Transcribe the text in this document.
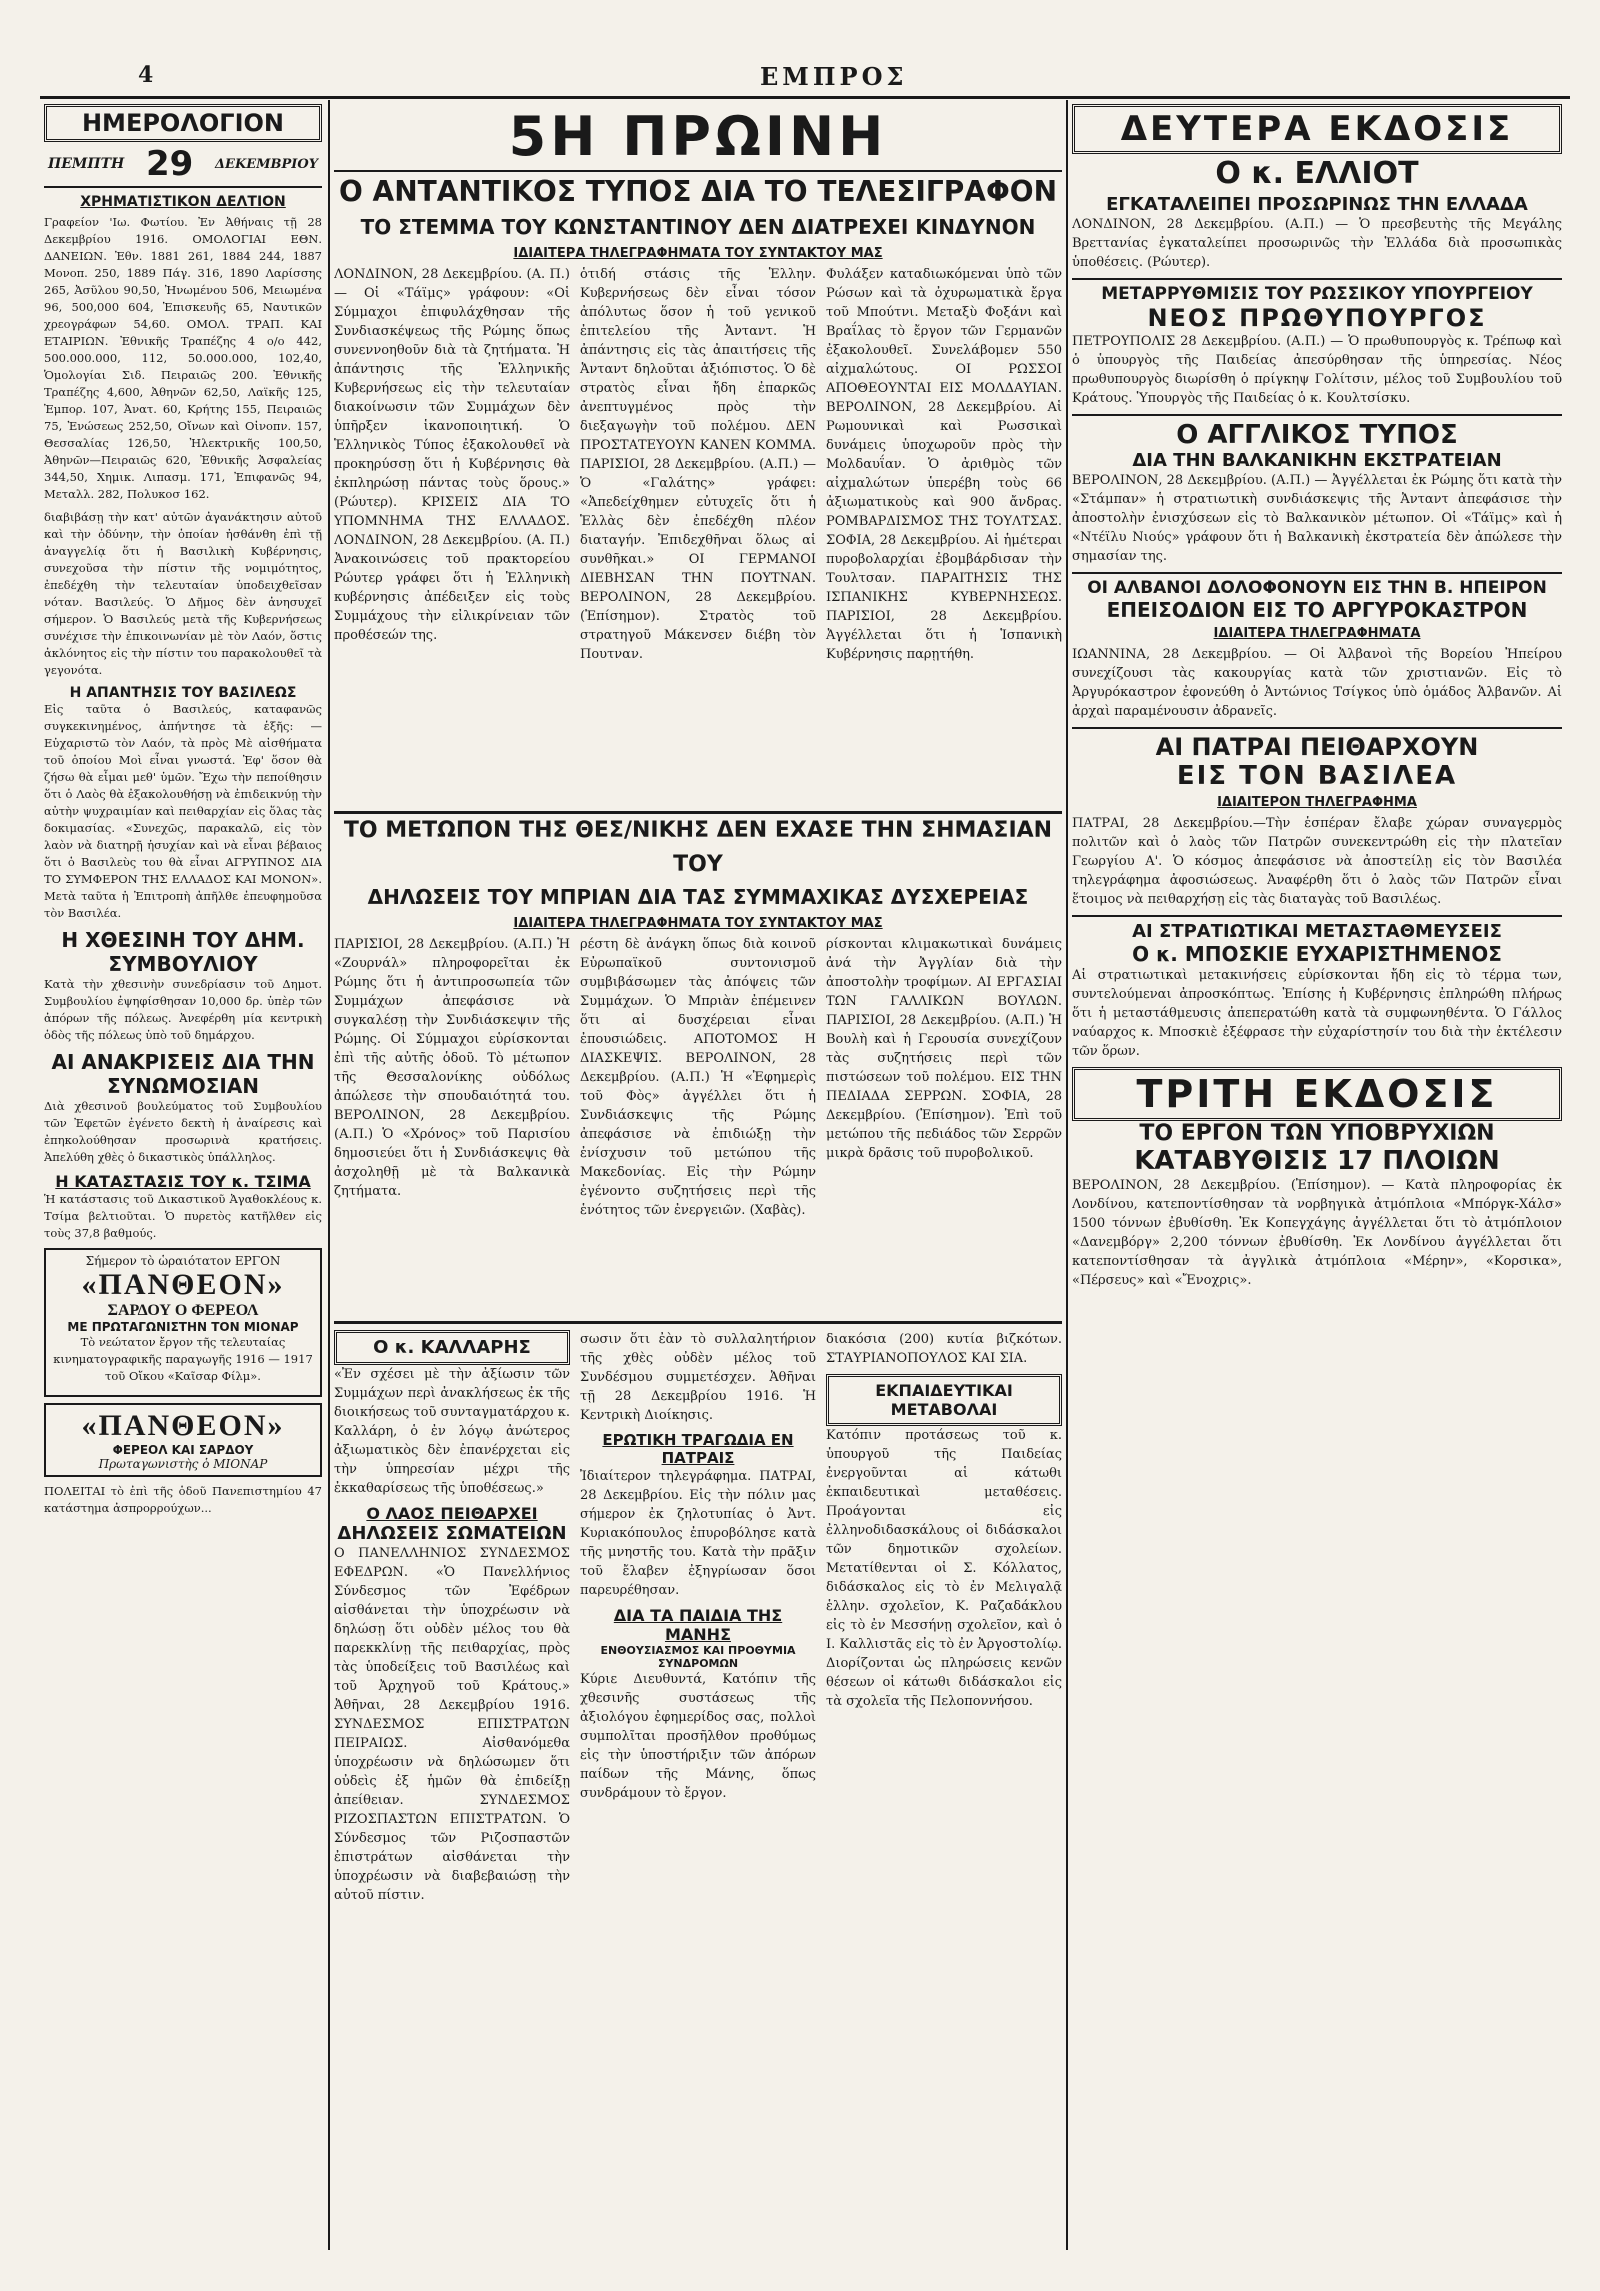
4	ΕΜΠΡΟΣ
ΗΜΕΡΟΛΟΓΙΟΝ
ΠΕΜΠΤΗ 29 ΔΕΚΕΜΒΡΙΟΥ
ΧΡΗΜΑΤΙΣΤΙΚΟΝ ΔΕΛΤΙΟΝ

Γραφείον 'Ιω. Φωτίου. Ἐν Ἀθήναις τῇ 28 Δεκεμβρίου 1916. ΟΜΟΛΟΓΙΑΙ ΕΘΝ. ΔΑΝΕΙΩΝ. Ἐθν. 1881 261, 1884 244, 1887 Μονοπ. 250, 1889 Πάγ. 316, 1890 Λαρίσσης 265, Ἀσῦλου 90,50, Ἠνωμένου 506, Μειωμένα 96, 500,000 604, Ἐπισκευῆς 65, Ναυτικῶν χρεογράφων 54,60. ΟΜΟΛ. ΤΡΑΠ. ΚΑΙ ΕΤΑΙΡΙΩΝ. Ἐθνικῆς Τραπέζης 4 ο/ο 442, 500.000.000, 112, 50.000.000, 102,40, Ὁμολογίαι Σιδ. Πειραιῶς 200. Ἐθνικῆς Τραπέζης 4,600, Ἀθηνῶν 62,50, Λαϊκῆς 125, Ἐμπορ. 107, Ἀνατ. 60, Κρήτης 155, Πειραιῶς 75, Ἑνώσεως 252,50, Οἴνων καὶ Οἰνοπν. 157, Θεσσαλίας 126,50, Ἠλεκτρικῆς 100,50, Ἀθηνῶν—Πειραιῶς 620, Ἐθνικῆς Ἀσφαλείας 344,50, Χημικ. Λιπασμ. 171, Ἐπιφανῶς 94, Μεταλλ. 282, Πολυκοσ 162.

διαβιβάσῃ τὴν κατ' αὐτῶν ἀγανάκτησιν αὐτοῦ καὶ τὴν ὀδύνην, τὴν ὁποίαν ἠσθάνθη ἐπὶ τῇ ἀναγγελίᾳ ὅτι ἡ Βασιλικὴ Κυβέρνησις, συνεχοῦσα τὴν πίστιν τῆς νομιμότητος, ἐπεδέχθη τὴν τελευταίαν ὑποδειχθεῖσαν νόταν. Βασιλεύς. Ὁ Δῆμος δὲν ἀνησυχεῖ σήμερον. Ὁ Βασιλεύς μετὰ τῆς Κυβερνήσεως συνέχισε τὴν ἐπικοινωνίαν μὲ τὸν Λαόν, ὅστις ἀκλόνητος εἰς τὴν πίστιν του παρακολουθεῖ τὰ γεγονότα.

Η ΑΠΑΝΤΗΣΙΣ ΤΟΥ ΒΑΣΙΛΕΩΣ

Εἰς ταῦτα ὁ Βασιλεύς, καταφανῶς συγκεκινημένος, ἀπήντησε τὰ ἑξῆς: —Εὐχαριστῶ τὸν Λαόν, τὰ πρὸς Μὲ αἰσθήματα τοῦ ὁποίου Μοὶ εἶναι γνωστά. Ἐφ' ὅσον θὰ ζήσω θὰ εἶμαι μεθ' ὑμῶν. Ἔχω τὴν πεποίθησιν ὅτι ὁ Λαὸς θὰ ἐξακολουθήσῃ νὰ ἐπιδεικνύῃ τὴν αὐτὴν ψυχραιμίαν καὶ πειθαρχίαν εἰς ὅλας τὰς δοκιμασίας. «Συνεχῶς, παρακαλῶ, εἰς τὸν λαὸν νὰ διατηρῇ ἡσυχίαν καὶ νὰ εἶναι βέβαιος ὅτι ὁ Βασιλεὺς του θὰ εἶναι ΑΓΡΥΠΝΟΣ ΔΙΑ ΤΟ ΣΥΜΦΕΡΟΝ ΤΗΣ ΕΛΛΑΔΟΣ ΚΑΙ ΜΟΝΟΝ». Μετὰ ταῦτα ἡ Ἐπιτροπὴ ἀπῆλθε ἐπευφημοῦσα τὸν Βασιλέα.

Η ΧΘΕΣΙΝΗ ΤΟΥ ΔΗΜ. ΣΥΜΒΟΥΛΙΟΥ

Κατὰ τὴν χθεσινὴν συνεδρίασιν τοῦ Δημοτ. Συμβουλίου ἐψηφίσθησαν 10,000 δρ. ὑπὲρ τῶν ἀπόρων τῆς πόλεως. Ἀνεφέρθη μία κεντρικὴ ὁδὸς τῆς πόλεως ὑπὸ τοῦ δημάρχου.

ΑΙ ΑΝΑΚΡΙΣΕΙΣ ΔΙΑ ΤΗΝ ΣΥΝΩΜΟΣΙΑΝ

Διὰ χθεσινοῦ βουλεύματος τοῦ Συμβουλίου τῶν Ἐφετῶν ἐγένετο δεκτὴ ἡ ἀναίρεσις καὶ ἐπηκολούθησαν προσωρινὰ κρατήσεις. Ἀπελύθη χθὲς ὁ δικαστικὸς ὑπάλληλος.

Η ΚΑΤΑΣΤΑΣΙΣ ΤΟΥ κ. ΤΣΙΜΑ

Ἡ κατάστασις τοῦ Δικαστικοῦ Ἀγαθοκλέους κ. Τσίμα βελτιοῦται. Ὁ πυρετὸς κατῆλθεν εἰς τοὺς 37,8 βαθμούς.

Σήμερον τὸ ὡραιότατον ΕΡΓΟΝ
«ΠΑΝΘΕΟΝ»
ΣΑΡΔΟΥ Ο ΦΕΡΕΟΛ
ΜΕ ΠΡΩΤΑΓΩΝΙΣΤΗΝ ΤΟΝ ΜΙΟΝΑΡ

Τὸ νεώτατον ἔργον τῆς τελευταίας κινηματογραφικῆς παραγωγῆς 1916 — 1917 τοῦ Οἴκου «Καῖσαρ Φίλμ».

«ΠΑΝΘΕΟΝ»
ΦΕΡΕΟΛ ΚΑΙ ΣΑΡΔΟΥ
Πρωταγωνιστὴς ὁ ΜΙΟΝΑΡ

ΠΟΛΕΙΤΑΙ τὸ ἐπὶ τῆς ὁδοῦ Πανεπιστημίου 47 κατάστημα ἀσπρορρούχων...

5Η ΠΡΩΙΝΗ
Ο ΑΝΤΑΝΤΙΚΟΣ ΤΥΠΟΣ ΔΙΑ ΤΟ ΤΕΛΕΣΙΓΡΑΦΟΝ
ΤΟ ΣΤΕΜΜΑ ΤΟΥ ΚΩΝΣΤΑΝΤΙΝΟΥ ΔΕΝ ΔΙΑΤΡΕΧΕΙ ΚΙΝΔΥΝΟΝ
ΙΔΙΑΙΤΕΡΑ ΤΗΛΕΓΡΑΦΗΜΑΤΑ ΤΟΥ ΣΥΝΤΑΚΤΟΥ ΜΑΣ

ΛΟΝΔΙΝΟΝ, 28 Δεκεμβρίου. (Α. Π.) — Οἱ «Τάϊμς» γράφουν: «Οἱ Σύμμαχοι ἐπιφυλάχθησαν τῆς Συνδιασκέψεως τῆς Ρώμης ὅπως συνεννοηθοῦν διὰ τὰ ζητήματα. Ἡ ἀπάντησις τῆς Ἑλληνικῆς Κυβερνήσεως εἰς τὴν τελευταίαν διακοίνωσιν τῶν Συμμάχων δὲν ὑπῆρξεν ἱκανοποιητική. Ὁ Ἑλληνικὸς Τύπος ἐξακολουθεῖ νὰ προκηρύσσῃ ὅτι ἡ Κυβέρνησις θὰ ἐκπληρώσῃ πάντας τοὺς ὅρους.» (Ρώυτερ). ΚΡΙΣΕΙΣ ΔΙΑ ΤΟ ΥΠΟΜΝΗΜΑ ΤΗΣ ΕΛΛΑΔΟΣ. ΛΟΝΔΙΝΟΝ, 28 Δεκεμβρίου. (Α. Π.) Ἀνακοινώσεις τοῦ πρακτορείου Ρώυτερ γράφει ὅτι ἡ Ἑλληνικὴ κυβέρνησις ἀπέδειξεν εἰς τοὺς Συμμάχους τὴν εἰλικρίνειαν τῶν προθέσεών της.

ὁτιδή στάσις τῆς Ἑλλην. Κυβερνήσεως δὲν εἶναι τόσον ἀπόλυτως ὅσον ἡ τοῦ γενικοῦ ἐπιτελείου τῆς Ἀνταντ. Ἡ ἀπάντησις εἰς τὰς ἀπαιτήσεις τῆς Ἀνταντ δηλοῦται ἀξιόπιστος. Ὁ δὲ στρατὸς εἶναι ἤδη ἐπαρκῶς ἀνεπτυγμένος πρὸς τὴν διεξαγωγὴν τοῦ πολέμου. ΔΕΝ ΠΡΟΣΤΑΤΕΥΟΥΝ ΚΑΝΕΝ ΚΟΜΜΑ. ΠΑΡΙΣΙΟΙ, 28 Δεκεμβρίου. (Α.Π.) — Ὁ «Γαλάτης» γράφει: «Ἀπεδείχθημεν εὐτυχεῖς ὅτι ἡ Ἑλλὰς δὲν ἐπεδέχθη πλέον διαταγήν. Ἐπιδεχθῆναι ὅλως αἱ συνθῆκαι.» ΟΙ ΓΕΡΜΑΝΟΙ ΔΙΕΒΗΣΑΝ ΤΗΝ ΠΟΥΤΝΑΝ. ΒΕΡΟΛΙΝΟΝ, 28 Δεκεμβρίου. (Ἐπίσημον). Στρατὸς τοῦ στρατηγοῦ Μάκενσεν διέβη τὸν Πουτναν.

Φυλάξεν καταδιωκόμεναι ὑπὸ τῶν Ρώσων καὶ τὰ ὀχυρωματικὰ ἔργα τοῦ Μπούτνι. Μεταξὺ Φοξάνι καὶ Βραΐλας τὸ ἔργον τῶν Γερμανῶν ἐξακολουθεῖ. Συνελάβομεν 550 αἰχμαλώτους. ΟΙ ΡΩΣΣΟΙ ΑΠΟΘΕΟΥΝΤΑΙ ΕΙΣ ΜΟΛΔΑΥΙΑΝ. ΒΕΡΟΛΙΝΟΝ, 28 Δεκεμβρίου. Αἱ Ρωμουνικαὶ καὶ Ρωσσικαὶ δυνάμεις ὑποχωροῦν πρὸς τὴν Μολδαυΐαν. Ὁ ἀριθμὸς τῶν αἰχμαλώτων ὑπερέβη τοὺς 66 ἀξιωματικοὺς καὶ 900 ἄνδρας. ΡΟΜΒΑΡΔΙΣΜΟΣ ΤΗΣ ΤΟΥΛΤΣΑΣ. ΣΟΦΙΑ, 28 Δεκεμβρίου. Αἱ ἡμέτεραι πυροβολαρχίαι ἐβομβάρδισαν τὴν Τουλτσαν. ΠΑΡΑΙΤΗΣΙΣ ΤΗΣ ΙΣΠΑΝΙΚΗΣ ΚΥΒΕΡΝΗΣΕΩΣ. ΠΑΡΙΣΙΟΙ, 28 Δεκεμβρίου. Ἀγγέλλεται ὅτι ἡ Ἱσπανικὴ Κυβέρνησις παρῃτήθη.

ΤΟ ΜΕΤΩΠΟΝ ΤΗΣ ΘΕΣ/ΝΙΚΗΣ ΔΕΝ ΕΧΑΣΕ ΤΗΝ ΣΗΜΑΣΙΑΝ ΤΟΥ
ΔΗΛΩΣΕΙΣ ΤΟΥ ΜΠΡΙΑΝ ΔΙΑ ΤΑΣ ΣΥΜΜΑΧΙΚΑΣ ΔΥΣΧΕΡΕΙΑΣ
ΙΔΙΑΙΤΕΡΑ ΤΗΛΕΓΡΑΦΗΜΑΤΑ ΤΟΥ ΣΥΝΤΑΚΤΟΥ ΜΑΣ

ΠΑΡΙΣΙΟΙ, 28 Δεκεμβρίου. (Α.Π.) Ἡ «Ζουρνάλ» πληροφορεῖται ἐκ Ρώμης ὅτι ἡ ἀντιπροσωπεία τῶν Συμμάχων ἀπεφάσισε νὰ συγκαλέσῃ τὴν Συνδιάσκεψιν τῆς Ρώμης. Οἱ Σύμμαχοι εὑρίσκονται ἐπὶ τῆς αὐτῆς ὁδοῦ. Τὸ μέτωπον τῆς Θεσσαλονίκης οὐδόλως ἀπώλεσε τὴν σπουδαιότητά του. ΒΕΡΟΛΙΝΟΝ, 28 Δεκεμβρίου. (Α.Π.) Ὁ «Χρόνος» τοῦ Παρισίου δημοσιεύει ὅτι ἡ Συνδιάσκεψις θὰ ἀσχοληθῇ μὲ τὰ Βαλκανικὰ ζητήματα.

ρέστη δὲ ἀνάγκη ὅπως διὰ κοινοῦ Εὐρωπαϊκοῦ συντονισμοῦ συμβιβάσωμεν τὰς ἀπόψεις τῶν Συμμάχων. Ὁ Μπριὰν ἐπέμεινεν ὅτι αἱ δυσχέρειαι εἶναι ἐπουσιώδεις. ΑΠΟΤΟΜΟΣ Η ΔΙΑΣΚΕΨΙΣ. ΒΕΡΟΛΙΝΟΝ, 28 Δεκεμβρίου. (Α.Π.) Ἡ «Ἐφημερὶς τοῦ Φὸς» ἀγγέλλει ὅτι ἡ Συνδιάσκεψις τῆς Ρώμης ἀπεφάσισε νὰ ἐπιδιώξῃ τὴν ἐνίσχυσιν τοῦ μετώπου τῆς Μακεδονίας. Εἰς τὴν Ρώμην ἐγένοντο συζητήσεις περὶ τῆς ἑνότητος τῶν ἐνεργειῶν. (Χαβὰς).

ρίσκονται κλιμακωτικαὶ δυνάμεις ἀνά τὴν Ἀγγλίαν διὰ τὴν ἀποστολὴν τροφίμων. ΑΙ ΕΡΓΑΣΙΑΙ ΤΩΝ ΓΑΛΛΙΚΩΝ ΒΟΥΛΩΝ. ΠΑΡΙΣΙΟΙ, 28 Δεκεμβρίου. (Α.Π.) Ἡ Βουλὴ καὶ ἡ Γερουσία συνεχίζουν τὰς συζητήσεις περὶ τῶν πιστώσεων τοῦ πολέμου. ΕΙΣ ΤΗΝ ΠΕΔΙΑΔΑ ΣΕΡΡΩΝ. ΣΟΦΙΑ, 28 Δεκεμβρίου. (Ἐπίσημον). Ἐπὶ τοῦ μετώπου τῆς πεδιάδος τῶν Σερρῶν μικρὰ δρᾶσις τοῦ πυροβολικοῦ.

Ο κ. ΚΑΛΛΑΡΗΣ

«Ἐν σχέσει μὲ τὴν ἀξίωσιν τῶν Συμμάχων περὶ ἀνακλήσεως ἐκ τῆς διοικήσεως τοῦ συνταγματάρχου κ. Καλλάρη, ὁ ἐν λόγῳ ἀνώτερος ἀξιωματικὸς δὲν ἐπανέρχεται εἰς τὴν ὑπηρεσίαν μέχρι τῆς ἐκκαθαρίσεως τῆς ὑποθέσεως.»

Ο ΛΑΟΣ ΠΕΙΘΑΡΧΕΙ
ΔΗΛΩΣΕΙΣ ΣΩΜΑΤΕΙΩΝ

Ο ΠΑΝΕΛΛΗΝΙΟΣ ΣΥΝΔΕΣΜΟΣ ΕΦΕΔΡΩΝ. «Ὁ Πανελλήνιος Σύνδεσμος τῶν Ἐφέδρων αἰσθάνεται τὴν ὑποχρέωσιν νὰ δηλώσῃ ὅτι οὐδὲν μέλος του θὰ παρεκκλίνῃ τῆς πειθαρχίας, πρὸς τὰς ὑποδείξεις τοῦ Βασιλέως καὶ τοῦ Ἀρχηγοῦ τοῦ Κράτους.» Ἀθῆναι, 28 Δεκεμβρίου 1916. ΣΥΝΔΕΣΜΟΣ ΕΠΙΣΤΡΑΤΩΝ ΠΕΙΡΑΙΩΣ. Αἰσθανόμεθα ὑποχρέωσιν νὰ δηλώσωμεν ὅτι οὐδεὶς ἐξ ἡμῶν θὰ ἐπιδείξῃ ἀπείθειαν. ΣΥΝΔΕΣΜΟΣ ΡΙΖΟΣΠΑΣΤΩΝ ΕΠΙΣΤΡΑΤΩΝ. Ὁ Σύνδεσμος τῶν Ριζοσπαστῶν ἐπιστράτων αἰσθάνεται τὴν ὑποχρέωσιν νὰ διαβεβαιώσῃ τὴν αὐτοῦ πίστιν.

σωσιν ὅτι ἐὰν τὸ συλλαλητήριον τῆς χθὲς οὐδὲν μέλος τοῦ Συνδέσμου συμμετέσχεν. Ἀθῆναι τῇ 28 Δεκεμβρίου 1916. Ἡ Κεντρικὴ Διοίκησις.

ΕΡΩΤΙΚΗ ΤΡΑΓΩΔΙΑ ΕΝ ΠΑΤΡΑΙΣ

Ἰδιαίτερον τηλεγράφημα. ΠΑΤΡΑΙ, 28 Δεκεμβρίου. Εἰς τὴν πόλιν μας σήμερον ἐκ ζηλοτυπίας ὁ Ἀντ. Κυριακόπουλος ἐπυροβόλησε κατὰ τῆς μνηστῆς του. Κατὰ τὴν πρᾶξιν τοῦ ἔλαβεν ἐξηγρίωσαν ὅσοι παρευρέθησαν.

ΔΙΑ ΤΑ ΠΑΙΔΙΑ ΤΗΣ ΜΑΝΗΣ
ΕΝΘΟΥΣΙΑΣΜΟΣ ΚΑΙ ΠΡΟΘΥΜΙΑ ΣΥΝΔΡΟΜΩΝ

Κύριε Διευθυντά, Κατόπιν τῆς χθεσινῆς συστάσεως τῆς ἀξιολόγου ἐφημερίδος σας, πολλοὶ συμπολῖται προσῆλθον προθύμως εἰς τὴν ὑποστήριξιν τῶν ἀπόρων παίδων τῆς Μάνης, ὅπως συνδράμουν τὸ ἔργον.

διακόσια (200) κυτία βιζκότων. ΣΤΑΥΡΙΑΝΟΠΟΥΛΟΣ ΚΑΙ ΣΙΑ.

ΕΚΠΑΙΔΕΥΤΙΚΑΙ ΜΕΤΑΒΟΛΑΙ

Κατόπιν προτάσεως τοῦ κ. ὑπουργοῦ τῆς Παιδείας ἐνεργοῦνται αἱ κάτωθι ἐκπαιδευτικαὶ μεταθέσεις. Προάγονται εἰς ἐλληνοδιδασκάλους οἱ διδάσκαλοι τῶν δημοτικῶν σχολείων. Μετατίθενται οἱ Σ. Κόλλατος, διδάσκαλος εἰς τὸ ἐν Μελιγαλᾷ ἑλλην. σχολεῖον, Κ. Ραζαδάκλου εἰς τὸ ἐν Μεσσήνῃ σχολεῖον, καὶ ὁ Ι. Καλλιστᾶς εἰς τὸ ἐν Ἀργοστολίῳ. Διορίζονται ὡς πληρώσεις κενῶν θέσεων οἱ κάτωθι διδάσκαλοι εἰς τὰ σχολεῖα τῆς Πελοποννήσου.

ΔΕΥΤΕΡΑ ΕΚΔΟΣΙΣ
Ο κ. ΕΛΛΙΟΤ
ΕΓΚΑΤΑΛΕΙΠΕΙ ΠΡΟΣΩΡΙΝΩΣ ΤΗΝ ΕΛΛΑΔΑ

ΛΟΝΔΙΝΟΝ, 28 Δεκεμβρίου. (Α.Π.) — Ὁ πρεσβευτὴς τῆς Μεγάλης Βρεττανίας ἐγκαταλείπει προσωρινῶς τὴν Ἑλλάδα διὰ προσωπικὰς ὑποθέσεις. (Ρώυτερ).

ΜΕΤΑΡΡΥΘΜΙΣΙΣ ΤΟΥ ΡΩΣΣΙΚΟΥ ΥΠΟΥΡΓΕΙΟΥ
ΝΕΟΣ ΠΡΩΘΥΠΟΥΡΓΟΣ

ΠΕΤΡΟΥΠΟΛΙΣ 28 Δεκεμβρίου. (Α.Π.) — Ὁ πρωθυπουργὸς κ. Τρέπωφ καὶ ὁ ὑπουργὸς τῆς Παιδείας ἀπεσύρθησαν τῆς ὑπηρεσίας. Νέος πρωθυπουργὸς διωρίσθη ὁ πρίγκηψ Γολίτσιν, μέλος τοῦ Συμβουλίου τοῦ Κράτους. Ὑπουργὸς τῆς Παιδείας ὁ κ. Κουλτσίσκυ.

Ο ΑΓΓΛΙΚΟΣ ΤΥΠΟΣ
ΔΙΑ ΤΗΝ ΒΑΛΚΑΝΙΚΗΝ ΕΚΣΤΡΑΤΕΙΑΝ

ΒΕΡΟΛΙΝΟΝ, 28 Δεκεμβρίου. (Α.Π.) — Ἀγγέλλεται ἐκ Ρώμης ὅτι κατὰ τὴν «Στάμπαν» ἡ στρατιωτικὴ συνδιάσκεψις τῆς Ἀνταντ ἀπεφάσισε τὴν ἀποστολὴν ἐνισχύσεων εἰς τὸ Βαλκανικὸν μέτωπον. Οἱ «Τάϊμς» καὶ ἡ «Ντέϊλυ Νιούς» γράφουν ὅτι ἡ Βαλκανικὴ ἐκστρατεία δὲν ἀπώλεσε τὴν σημασίαν της.

ΟΙ ΑΛΒΑΝΟΙ ΔΟΛΟΦΟΝΟΥΝ ΕΙΣ ΤΗΝ Β. ΗΠΕΙΡΟΝ
ΕΠΕΙΣΟΔΙΟΝ ΕΙΣ ΤΟ ΑΡΓΥΡΟΚΑΣΤΡΟΝ
ΙΔΙΑΙΤΕΡΑ ΤΗΛΕΓΡΑΦΗΜΑΤΑ

ΙΩΑΝΝΙΝΑ, 28 Δεκεμβρίου. — Οἱ Ἀλβανοὶ τῆς Βορείου Ἠπείρου συνεχίζουσι τὰς κακουργίας κατὰ τῶν χριστιανῶν. Εἰς τὸ Ἀργυρόκαστρον ἐφονεύθη ὁ Ἀντώνιος Τσίγκος ὑπὸ ὁμάδος Ἀλβανῶν. Αἱ ἀρχαὶ παραμένουσιν ἀδρανεῖς.

ΑΙ ΠΑΤΡΑΙ ΠΕΙΘΑΡΧΟΥΝ
ΕΙΣ ΤΟΝ ΒΑΣΙΛΕΑ
ΙΔΙΑΙΤΕΡΟΝ ΤΗΛΕΓΡΑΦΗΜΑ

ΠΑΤΡΑΙ, 28 Δεκεμβρίου.—Τὴν ἑσπέραν ἔλαβε χώραν συναγερμὸς πολιτῶν καὶ ὁ λαὸς τῶν Πατρῶν συνεκεντρώθη εἰς τὴν πλατεῖαν Γεωργίου Α'. Ὁ κόσμος ἀπεφάσισε νὰ ἀποστείλῃ εἰς τὸν Βασιλέα τηλεγράφημα ἀφοσιώσεως. Ἀναφέρθη ὅτι ὁ λαὸς τῶν Πατρῶν εἶναι ἕτοιμος νὰ πειθαρχήσῃ εἰς τὰς διαταγὰς τοῦ Βασιλέως.

ΑΙ ΣΤΡΑΤΙΩΤΙΚΑΙ ΜΕΤΑΣΤΑΘΜΕΥΣΕΙΣ
Ο κ. ΜΠΟΣΚΙΕ ΕΥΧΑΡΙΣΤΗΜΕΝΟΣ

Αἱ στρατιωτικαὶ μετακινήσεις εὑρίσκονται ἤδη εἰς τὸ τέρμα των, συντελούμεναι ἀπροσκόπτως. Ἐπίσης ἡ Κυβέρνησις ἐπληρώθη πλήρως ὅτι ἡ μεταστάθμευσις ἀπεπερατώθη κατὰ τὰ συμφωνηθέντα. Ὁ Γάλλος ναύαρχος κ. Μποσκιὲ ἐξέφρασε τὴν εὐχαρίστησίν του διὰ τὴν ἐκτέλεσιν τῶν ὅρων.

ΤΡΙΤΗ ΕΚΔΟΣΙΣ
ΤΟ ΕΡΓΟΝ ΤΩΝ ΥΠΟΒΡΥΧΙΩΝ
ΚΑΤΑΒΥΘΙΣΙΣ 17 ΠΛΟΙΩΝ

ΒΕΡΟΛΙΝΟΝ, 28 Δεκεμβρίου. (Ἐπίσημον). — Κατὰ πληροφορίας ἐκ Λονδίνου, κατεποντίσθησαν τὰ νορβηγικὰ ἀτμόπλοια «Μπόργκ-Χάλσ» 1500 τόννων ἐβυθίσθη. Ἐκ Κοπεγχάγης ἀγγέλλεται ὅτι τὸ ἀτμόπλοιον «Δανεμβόργ» 2,200 τόννων ἐβυθίσθη. Ἐκ Λονδίνου ἀγγέλλεται ὅτι κατεποντίσθησαν τὰ ἀγγλικὰ ἀτμόπλοια «Μέρην», «Κορσικα», «Πέρσευς» καὶ «Ἔνοχρις».
